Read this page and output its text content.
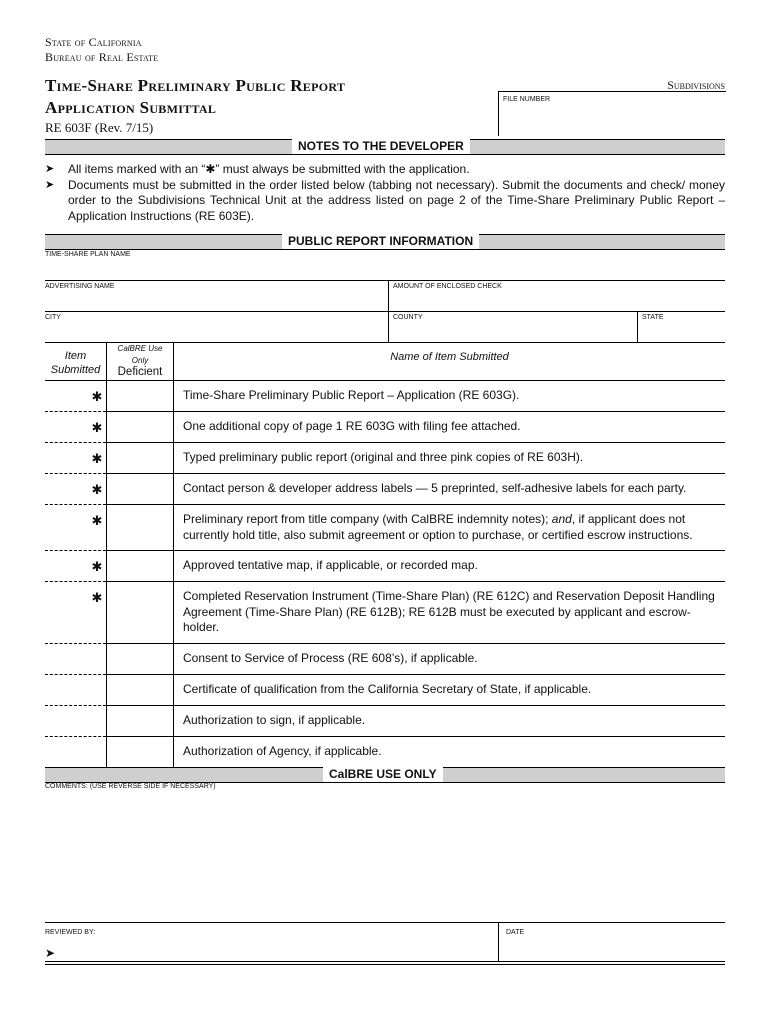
State of California
Bureau of Real Estate
Time-Share Preliminary Public Report
Application Submittal
RE 603F (Rev. 7/15)
Subdivisions
FILE NUMBER
NOTES TO THE DEVELOPER
➤ All items marked with an “✱” must always be submitted with the application.
➤ Documents must be submitted in the order listed below (tabbing not necessary). Submit the documents and check/ money order to the Subdivisions Technical Unit at the address listed on page 2 of the Time-Share Preliminary Public Report – Application Instructions (RE 603E).
PUBLIC REPORT INFORMATION
TIME-SHARE PLAN NAME
ADVERTISING NAME	AMOUNT OF ENCLOSED CHECK
CITY	COUNTY	STATE
Item Submitted
CalBRE Use Only
Deficient
Name of Item Submitted
✱	Time-Share Preliminary Public Report – Application (RE 603G).
✱	One additional copy of page 1 RE 603G with filing fee attached.
✱	Typed preliminary public report (original and three pink copies of RE 603H).
✱	Contact person & developer address labels — 5 preprinted, self-adhesive labels for each party.
✱	Preliminary report from title company (with CalBRE indemnity notes); and, if applicant does not currently hold title, also submit agreement or option to purchase, or certified escrow instructions.
✱	Approved tentative map, if applicable, or recorded map.
✱	Completed Reservation Instrument (Time-Share Plan) (RE 612C) and Reservation Deposit Handling Agreement (Time-Share Plan) (RE 612B); RE 612B must be executed by applicant and escrow-holder.
Consent to Service of Process (RE 608’s), if applicable.
Certificate of qualification from the California Secretary of State, if applicable.
Authorization to sign, if applicable.
Authorization of Agency, if applicable.
CalBRE USE ONLY
COMMENTS: (USE REVERSE SIDE IF NECESSARY)
REVIEWED BY:	DATE
➤
